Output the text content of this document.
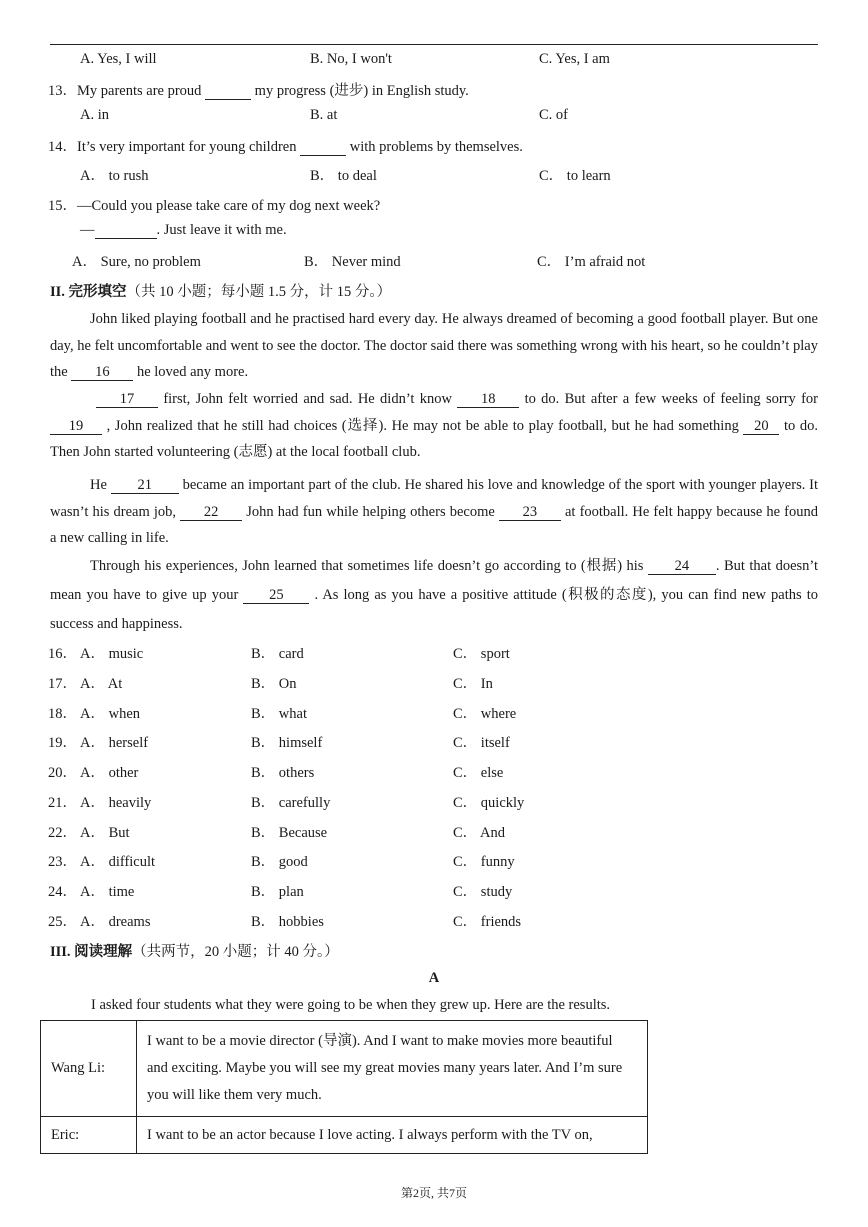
A. Yes, I will	B. No, I won't	C. Yes, I am
13．My parents are proud	my progress (进步) in English study.
A. in	B. at	C. of
14．It’s very important for young children	with problems by themselves.
A． to rush	B． to deal	C． to learn
15．—Could you please take care of my dog next week?
—	. Just leave it with me.
A． Sure, no problem	B． Never mind	C． I’m afraid not
II. 完形填空（共 10 小题；每小题 1.5 分，计 15 分。）
John liked playing football and he practised hard every day. He always dreamed of becoming a good football player. But one day, he felt uncomfortable and went to see the doctor. The doctor said there was something wrong with his heart, so he couldn’t play the 16 he loved any more.
17 first, John felt worried and sad. He didn’t know 18 to do. But after a few weeks of feeling sorry for 19 , John realized that he still had choices (选择). He may not be able to play football, but he had something 20 to do. Then John started volunteering (志愿) at the local football club.
He 21 became an important part of the club. He shared his love and knowledge of the sport with younger players. It wasn’t his dream job, 22 John had fun while helping others become 23 at football. He felt happy because he found a new calling in life.
Through his experiences, John learned that sometimes life doesn’t go according to (根据) his 24 . But that doesn’t mean you have to give up your 25 . As long as you have a positive attitude (积极的态度), you can find new paths to success and happiness.
16． A． music	B． card	C． sport
17． A． At	B． On	C． In
18． A． when	B． what	C． where
19． A． herself	B． himself	C． itself
20． A． other	B． others	C． else
21． A． heavily	B． carefully	C． quickly
22． A． But	B． Because	C． And
23． A． difficult	B． good	C． funny
24． A． time	B． plan	C． study
25． A． dreams	B． hobbies	C． friends
III. 阅读理解（共两节，20 小题；计 40 分。）
A
I asked four students what they were going to be when they grew up. Here are the results.
Wang Li:	I want to be a movie director (导演). And I want to make movies more beautiful and exciting. Maybe you will see my great movies many years later. And I’m sure you will like them very much.
Eric:	I want to be an actor because I love acting. I always perform with the TV on,
第2页, 共7页
